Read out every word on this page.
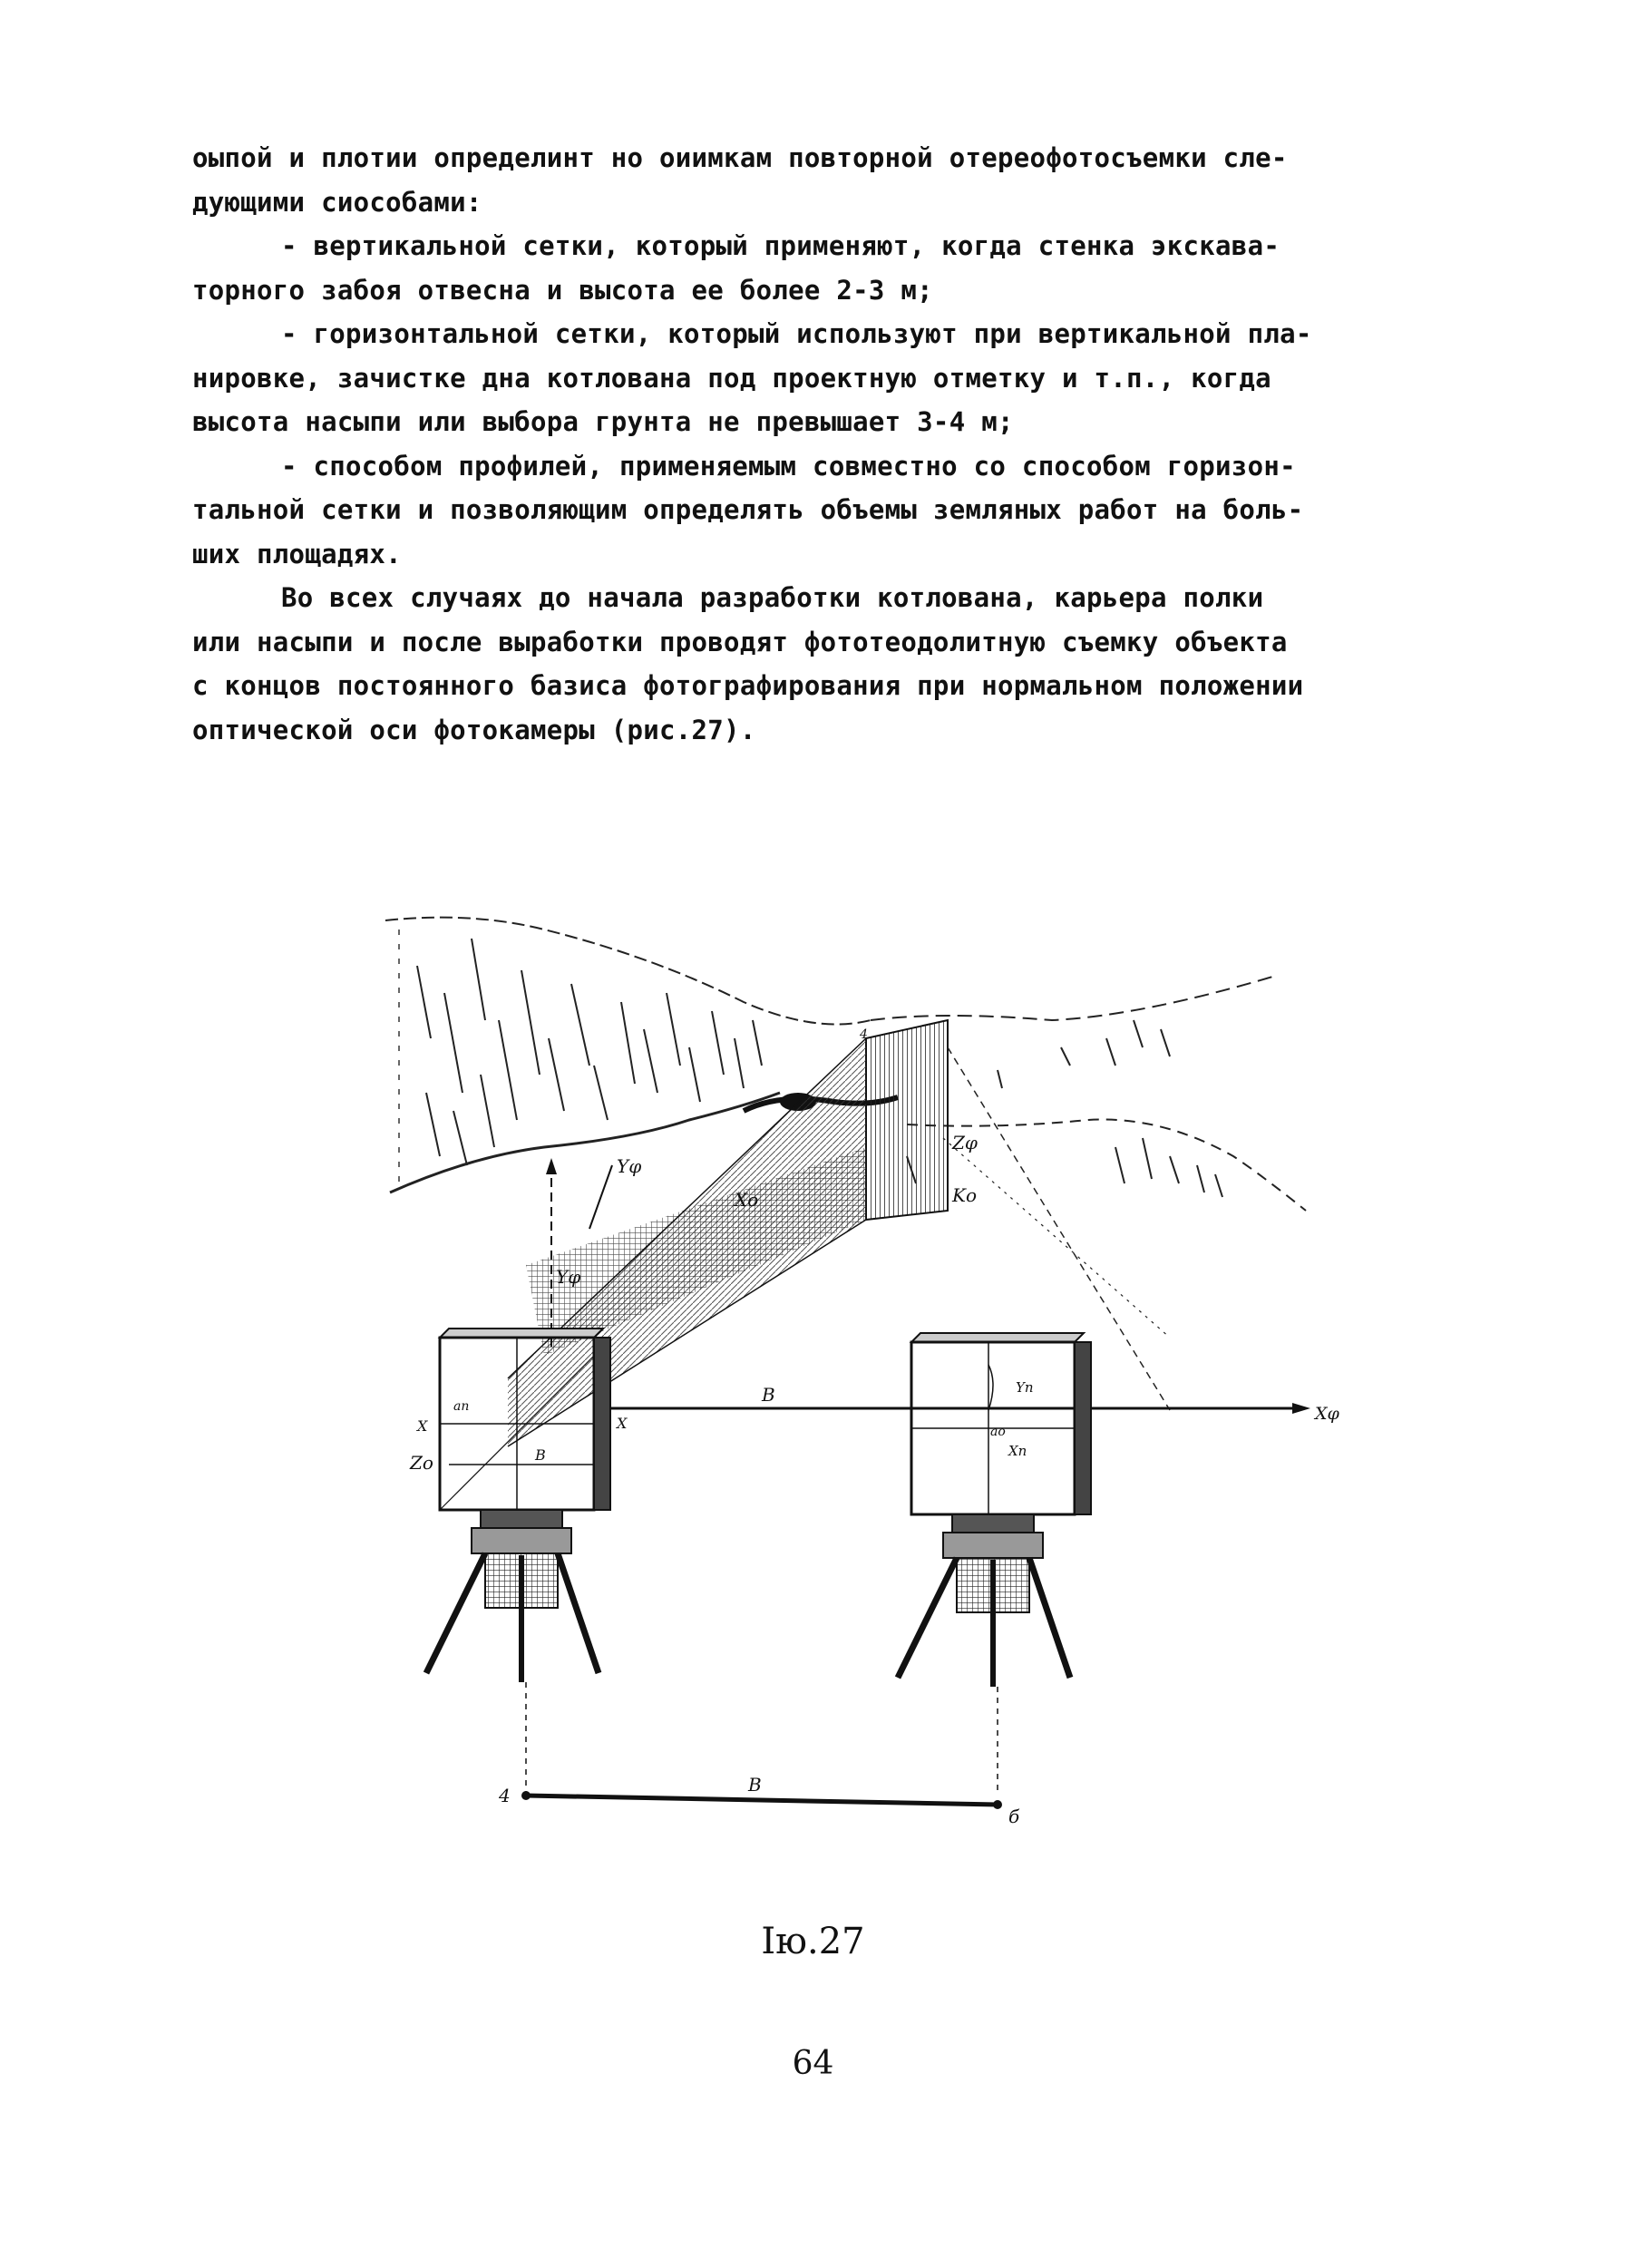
оыпой и плотии определинт но оиимкам повторной отереофотосъемки сле-
дующими сиособами:
- вертикальной сетки, который применяют, когда стенка экскава-
торного забоя отвесна и высота ее более 2-3 м;
- горизонтальной сетки, который используют при вертикальной пла-
нировке, зачистке дна котлована под проектную отметку и т.п., когда
высота насыпи или выбора грунта не превышает 3-4 м;
- способом профилей, применяемым совместно со способом горизон-
тальной сетки и позволяющим определять объемы земляных работ на боль-
ших площадях.
Во всех случаях до начала разработки котлована, карьера полки
или насыпи и после выработки проводят фототеодолитную съемку объекта
с концов постоянного базиса фотографирования при нормальном положении
оптической оси фотокамеры (рис.27).
Yφ
Yφ
Xφ
B
B
4
б
4
Zφ
Kо
Xо
X
Zо	B
X
Yn
Xn
an
ao
Iю.27
64
